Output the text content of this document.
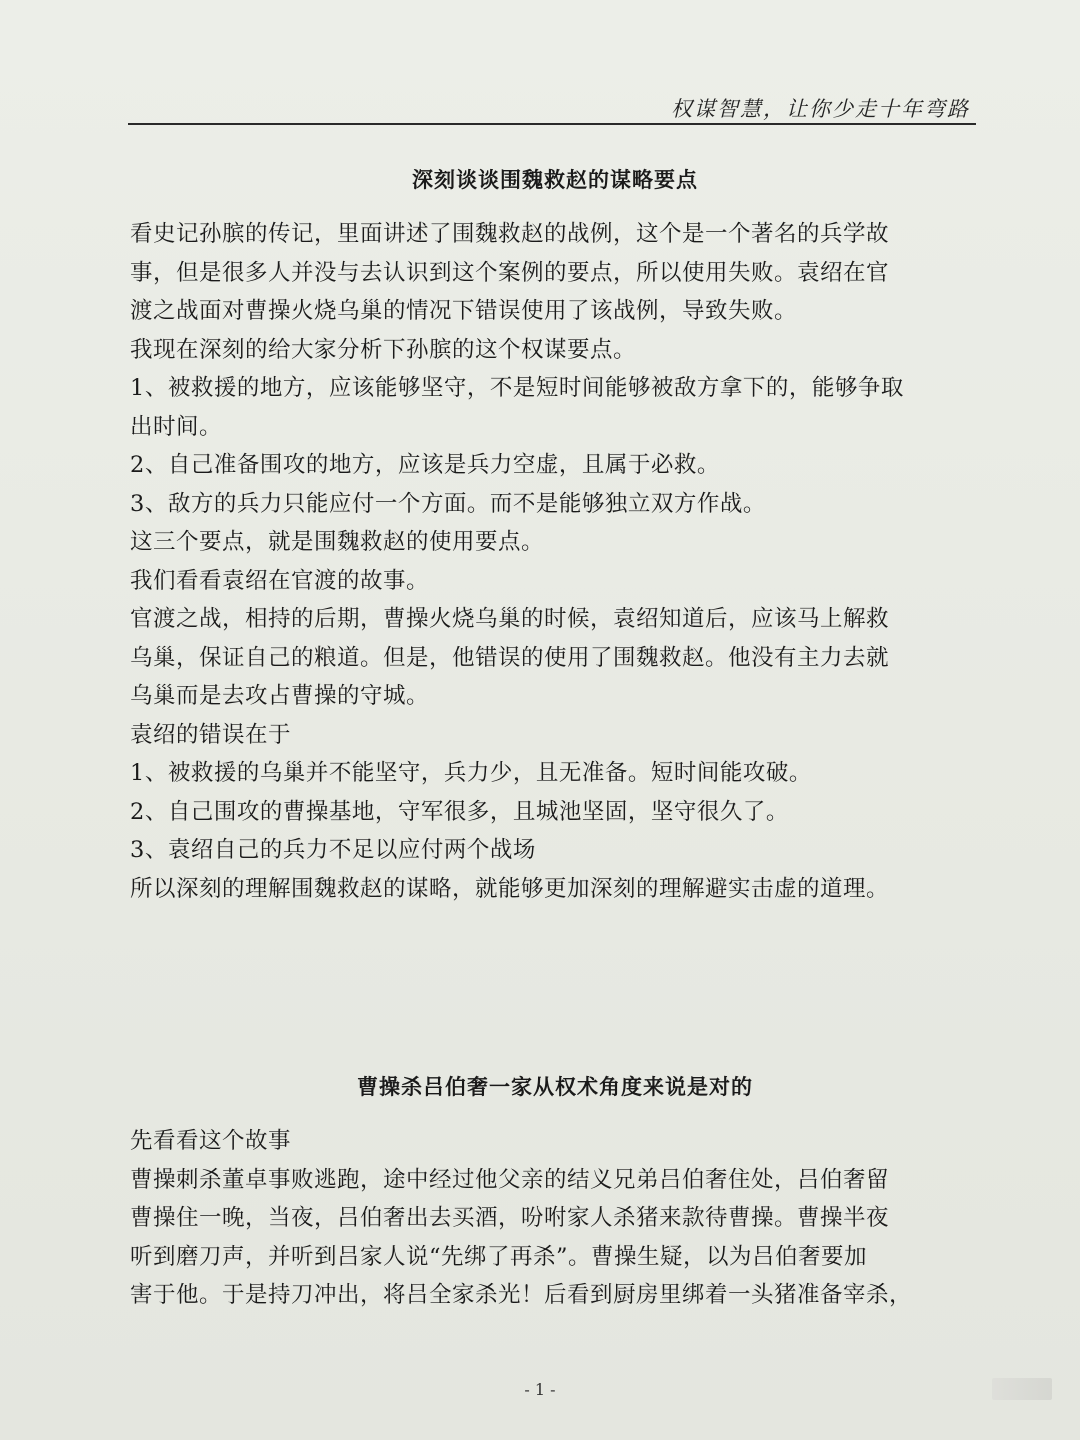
权谋智慧，让你少走十年弯路
深刻谈谈围魏救赵的谋略要点

看史记孙膑的传记，里面讲述了围魏救赵的战例，这个是一个著名的兵学故

事，但是很多人并没与去认识到这个案例的要点，所以使用失败。袁绍在官

渡之战面对曹操火烧乌巢的情况下错误使用了该战例，导致失败。

我现在深刻的给大家分析下孙膑的这个权谋要点。

1、被救援的地方，应该能够坚守，不是短时间能够被敌方拿下的，能够争取

出时间。

2、自己准备围攻的地方，应该是兵力空虚，且属于必救。

3、敌方的兵力只能应付一个方面。而不是能够独立双方作战。

这三个要点，就是围魏救赵的使用要点。

我们看看袁绍在官渡的故事。

官渡之战，相持的后期，曹操火烧乌巢的时候，袁绍知道后，应该马上解救

乌巢，保证自己的粮道。但是，他错误的使用了围魏救赵。他没有主力去就

乌巢而是去攻占曹操的守城。

袁绍的错误在于

1、被救援的乌巢并不能坚守，兵力少，且无准备。短时间能攻破。

2、自己围攻的曹操基地，守军很多，且城池坚固，坚守很久了。

3、袁绍自己的兵力不足以应付两个战场

所以深刻的理解围魏救赵的谋略，就能够更加深刻的理解避实击虚的道理。

曹操杀吕伯奢一家从权术角度来说是对的

先看看这个故事

曹操刺杀董卓事败逃跑，途中经过他父亲的结义兄弟吕伯奢住处，吕伯奢留

曹操住一晚，当夜，吕伯奢出去买酒，吩咐家人杀猪来款待曹操。曹操半夜

听到磨刀声，并听到吕家人说“先绑了再杀”。曹操生疑，以为吕伯奢要加

害于他。于是持刀冲出，将吕全家杀光！后看到厨房里绑着一头猪准备宰杀，

- 1 -
